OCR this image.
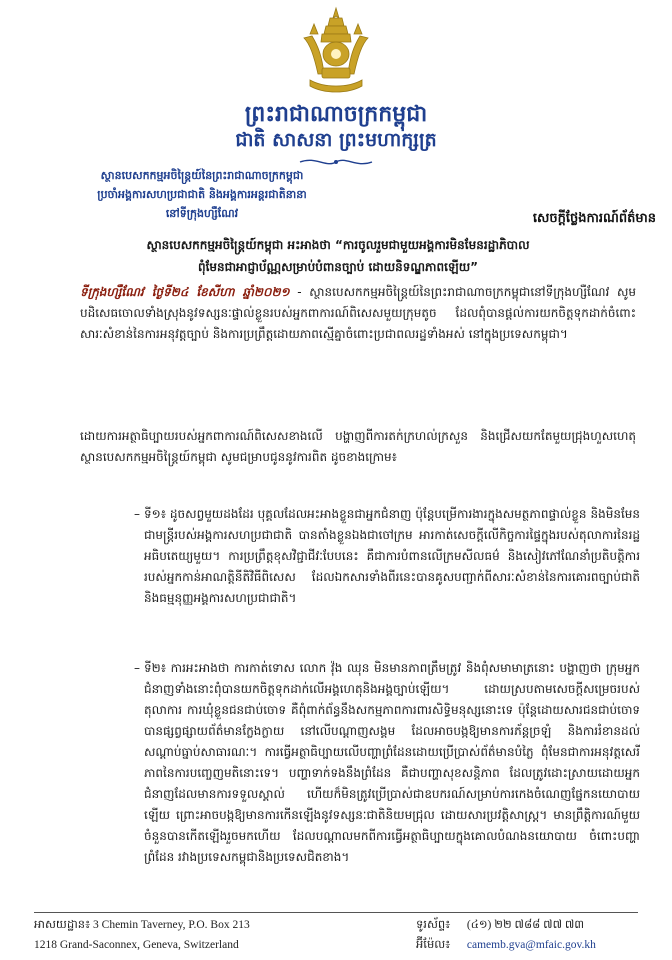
ព្រះរាជាណាចក្រកម្ពុជា
ជាតិ សាសនា ព្រះមហាក្សត្រ
ស្ថានបេសកកម្មអចិន្ត្រៃយ៍នៃព្រះរាជាណាចក្រកម្ពុជា
ប្រចាំអង្គការសហប្រជាជាតិ និងអង្គការអន្តរជាតិនានា
នៅទីក្រុងហ្សឺណែវ	សេចក្តីថ្លែងការណ៍ព័ត៌មាន
ស្ថានបេសកកម្មអចិន្ត្រៃយ៍កម្ពុជា អះអាងថា “ការចូលរួមជាមួយអង្គការមិនមែនរដ្ឋាភិបាល
ពុំមែនជាអាជ្ញាប័ណ្ណសម្រាប់បំពានច្បាប់ ដោយនិទណ្ឌភាពឡើយ”
ទីក្រុងហ្សឺណែវ ថ្ងៃទី២៤ ខែសីហា ឆ្នាំ២០២១ - ស្ថានបេសកកម្មអចិន្ត្រៃយ៍នៃព្រះរាជាណាចក្រកម្ពុជានៅទីក្រុងហ្សឺណែវ សូមបដិសេធចោលទាំងស្រុងនូវទស្សនៈផ្ទាល់ខ្លួនរបស់អ្នកពាការណ៍ពិសេសមួយក្រុមតូច ដែលពុំបានផ្តល់ការយកចិត្តទុកដាក់ចំពោះសារៈសំខាន់នៃការអនុវត្តច្បាប់ និងការប្រព្រឹត្តដោយភាពស្មើគ្នាចំពោះប្រជាពលរដ្ឋទាំងអស់ នៅក្នុងប្រទេសកម្ពុជា។
ដោយការអត្ថាធិប្បាយរបស់អ្នកពាការណ៍ពិសេសខាងលើ បង្ហាញពីការតក់ក្រហល់ក្រសួន និងជ្រើសយកតែមួយជ្រុងហួសហេតុ ស្ថានបេសកកម្មអចិន្ត្រៃយ៍កម្ពុជា សូមជម្រាបជូននូវការពិត ដូចខាងក្រោម៖
– ទី១៖ ដូចសព្វមួយដងដែរ បុគ្គលដែលអះអាងខ្លួនជាអ្នកជំនាញ ប៉ុន្តែបម្រើការងារក្នុងសមត្ថភាពផ្ទាល់ខ្លួន និងមិនមែនជាមន្ត្រីរបស់អង្គការសហប្រជាជាតិ បានតាំងខ្លួនឯងជាចៅក្រម អារកាត់សេចក្តីលើកិច្ចការផ្ទៃក្នុងរបស់តុលាការនៃរដ្ឋអធិបតេយ្យមួយ។ ការប្រព្រឹត្តខុសវិជ្ជាជីវៈបែបនេះ គឺជាការបំពានលើក្រមសីលធម៌ និងសៀវភៅណែនាំប្រតិបត្តិការរបស់អ្នកកាន់អាណត្តិនីតិវិធីពិសេស ដែលឯកសារទាំងពីរនេះបានគូសបញ្ជាក់ពីសារៈសំខាន់នៃការគោរពច្បាប់ជាតិ និងធម្មនុញ្ញអង្គការសហប្រជាជាតិ។
– ទី២៖ ការអះអាងថា ការកាត់ទោស លោក វ៉ុង ឈុន មិនមានភាពត្រឹមត្រូវ និងពុំសមាមាត្រនោះ បង្ហាញថា ក្រុមអ្នកជំនាញទាំងនោះពុំបានយកចិត្តទុកដាក់លើអង្គហេតុនិងអង្គច្បាប់ឡើយ។ ដោយស្របតាមសេចក្តីសម្រេចរបស់តុលាការ ការឃុំខ្លួនជនជាប់ចោទ គឺពុំពាក់ព័ន្ធនឹងសកម្មភាពការពារសិទ្ធិមនុស្សនោះទេ ប៉ុន្តែដោយសារជនជាប់ចោទបានផ្សព្វផ្សាយព័ត៌មានក្លែងក្លាយ នៅលើបណ្តាញសង្គម ដែលអាចបង្កឱ្យមានការភ័ន្តច្រឡំ និងការរំខានដល់សណ្តាប់ធ្នាប់សាធារណៈ។ ការធ្វើអត្ថាធិប្បាយលើបញ្ហាព្រំដែនដោយប្រើប្រាស់ព័ត៌មានបំភ្លៃ ពុំមែនជាការអនុវត្តសេរីភាពនៃការបញ្ចេញមតិនោះទេ។ បញ្ហាទាក់ទងនឹងព្រំដែន គឺជាបញ្ហាសុខសន្តិភាព ដែលត្រូវដោះស្រាយដោយអ្នកជំនាញដែលមានការទទួលស្គាល់ ហើយក៏មិនត្រូវប្រើប្រាស់ជាឧបករណ៍សម្រាប់ការកេងចំណេញផ្នែកនយោបាយឡើយ ព្រោះអាចបង្កឱ្យមានការកើនឡើងនូវទស្សនៈជាតិនិយមជ្រុល ដោយសារប្រវត្តិសាស្ត្រ។ មានព្រឹត្តិការណ៍មួយចំនួនបានកើតឡើងរួចមកហើយ ដែលបណ្តាលមកពីការធ្វើអត្ថាធិប្បាយក្នុងគោលបំណងនយោបាយ ចំពោះបញ្ហាព្រំដែន រវាងប្រទេសកម្ពុជានិងប្រទេសជិតខាង។
អាសយដ្ឋាន៖ 3 Chemin Taverney, P.O. Box 213
1218 Grand-Saconnex, Geneva, Switzerland
ទូរស័ព្ទ៖ (៤១) ២២ ៧៨៨ ៧៧ ៧៣
អ៊ីម៉ែល៖ camemb.gva@mfaic.gov.kh
